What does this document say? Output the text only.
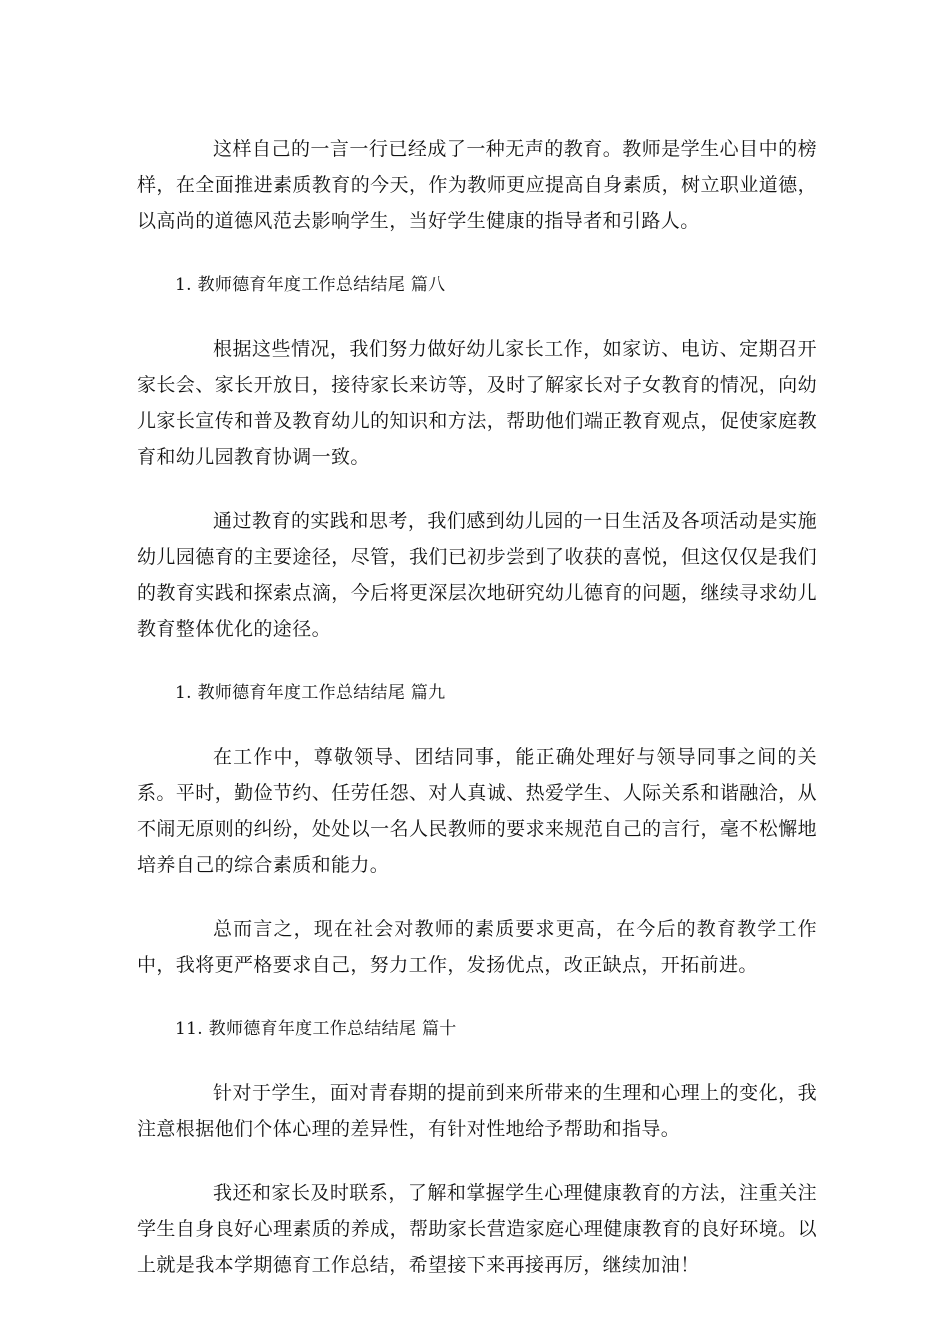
这样自己的一言一行已经成了一种无声的教育。教师是学生心目中的榜样，在全面推进素质教育的今天，作为教师更应提高自身素质，树立职业道德，以高尚的道德风范去影响学生，当好学生健康的指导者和引路人。

1. 教师德育年度工作总结结尾 篇八

根据这些情况，我们努力做好幼儿家长工作，如家访、电访、定期召开家长会、家长开放日，接待家长来访等，及时了解家长对子女教育的情况，向幼儿家长宣传和普及教育幼儿的知识和方法，帮助他们端正教育观点，促使家庭教育和幼儿园教育协调一致。

通过教育的实践和思考，我们感到幼儿园的一日生活及各项活动是实施幼儿园德育的主要途径，尽管，我们已初步尝到了收获的喜悦，但这仅仅是我们的教育实践和探索点滴，今后将更深层次地研究幼儿德育的问题，继续寻求幼儿教育整体优化的途径。

1. 教师德育年度工作总结结尾 篇九

在工作中，尊敬领导、团结同事，能正确处理好与领导同事之间的关系。平时，勤俭节约、任劳任怨、对人真诚、热爱学生、人际关系和谐融洽，从不闹无原则的纠纷，处处以一名人民教师的要求来规范自己的言行，毫不松懈地培养自己的综合素质和能力。

总而言之，现在社会对教师的素质要求更高，在今后的教育教学工作中，我将更严格要求自己，努力工作，发扬优点，改正缺点，开拓前进。

11. 教师德育年度工作总结结尾 篇十

针对于学生，面对青春期的提前到来所带来的生理和心理上的变化，我注意根据他们个体心理的差异性，有针对性地给予帮助和指导。

我还和家长及时联系，了解和掌握学生心理健康教育的方法，注重关注学生自身良好心理素质的养成，帮助家长营造家庭心理健康教育的良好环境。以上就是我本学期德育工作总结，希望接下来再接再厉，继续加油！
